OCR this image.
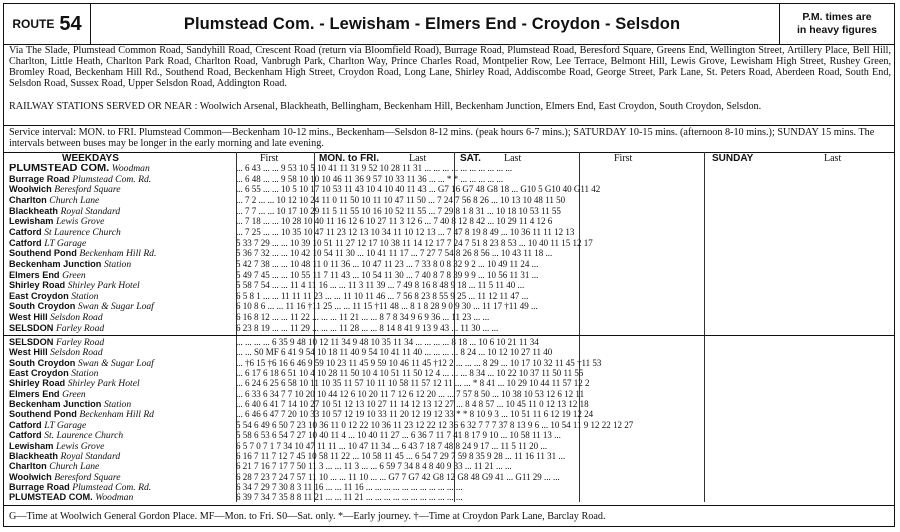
ROUTE 54	Plumstead Com. - Lewisham - Elmers End - Croydon - Selsdon	P.M. times are
in heavy figures
Via The Slade, Plumstead Common Road, Sandyhill Road, Crescent Road (return via Bloomfield Road), Burrage Road, Plumstead Road, Beresford Square, Greens End, Wellington Street, Artillery Place, Bell Hill, Charlton, Little Heath, Charlton Park Road, Charlton Road, Vanbrugh Park, Charlton Way, Prince Charles Road, Montpelier Row, Lee Terrace, Belmont Hill, Lewis Grove, Lewisham High Street, Rushey Green, Bromley Road, Beckenham Hill Rd., Southend Road, Beckenham High Street, Croydon Road, Long Lane, Shirley Road, Addiscombe Road, George Street, Park Lane, St. Peters Road, Aberdeen Road, South End, Selsdon Road, Sussex Road, Upper Selsdon Road, Addington Road.
RAILWAY STATIONS SERVED OR NEAR : Woolwich Arsenal, Blackheath, Bellingham, Beckenham Hill, Beckenham Junction, Elmers End, East Croydon, South Croydon, Selsdon.
Service interval: MON. to FRI. Plumstead Common—Beckenham 10-12 mins., Beckenham—Selsdon 8-12 mins. (peak hours 6-7 mins.); SATURDAY 10-15 mins. (afternoon 8-10 mins.); SUNDAY 15 mins. The intervals between buses may be longer in the early morning and late evening.
WEEKDAYS	First	MON. to FRI.	Last	SAT. Last	First	SUNDAY	Last
PLUMSTEAD COM. Woodman	... 6 43 ... ... 9 53 10 5 10 41 11 31 9 52 10 28 11 31 ... ... ... ... ... ... ... ... ... ...
Burrage Road Plumstead Com. Rd.	... 6 48 ... ... 9 58 10 10 10 46 11 36 9 57 10 33 11 36 ... ... * * ... ... ... ... ...
Woolwich Beresford Square	... 6 55 ... ... 10 5 10 17 10 53 11 43 10 4 10 40 11 43 ... G7 16 G7 48 G8 18 ... G10 5 G10 40 G11 42
Charlton Church Lane	... 7 2 ... ... 10 12 10 24 11 0 11 50 10 11 10 47 11 50 ... 7 24 7 56 8 26 ... 10 13 10 48 11 50
Blackheath Royal Standard	... 7 7 ... ... 10 17 10 29 11 5 11 55 10 16 10 52 11 55 ... 7 29 8 1 8 31 ... 10 18 10 53 11 55
Lewisham Lewis Grove	... 7 18 ... ... 10 28 10 40 11 16 12 6 10 27 11 3 12 6 ... 7 40 8 12 8 42 ... 10 29 11 4 12 6
Catford St Laurence Church	... 7 25 ... ... 10 35 10 47 11 23 12 13 10 34 11 10 12 13 ... 7 47 8 19 8 49 ... 10 36 11 11 12 13
Catford LT Garage	5 33 7 29 ... ... 10 39 10 51 11 27 12 17 10 38 11 14 12 17 7 24 7 51 8 23 8 53 ... 10 40 11 15 12 17
Southend Pond Beckenham Hill Rd.	5 36 7 32 ... ... 10 42 10 54 11 30 ... 10 41 11 17 ... 7 27 7 54 8 26 8 56 ... 10 43 11 18 ...
Beckenham Junction Station	5 42 7 38 ... ... 10 48 11 0 11 36 ... 10 47 11 23 ... 7 33 8 0 8 32 9 2 ... 10 49 11 24 ...
Elmers End Green	5 49 7 45 ... ... 10 55 11 7 11 43 ... 10 54 11 30 ... 7 40 8 7 8 39 9 9 ... 10 56 11 31 ...
Shirley Road Shirley Park Hotel	5 58 7 54 ... ... 11 4 11 16 ... ... 11 3 11 39 ... 7 49 8 16 8 48 9 18 ... 11 5 11 40 ...
East Croydon Station	6 5 8 1 ... ... 11 11 11 23 ... ... 11 10 11 46 ... 7 56 8 23 8 55 9 25 ... 11 12 11 47 ...
South Croydon Swan & Sugar Loaf	6 10 8 6 ... ... 11 16 †11 25 ... ... 11 15 †11 48 ... 8 1 8 28 9 0 9 30 ... 11 17 †11 49 ...
West Hill Selsdon Road	6 16 8 12 ... ... 11 22 ... ... ... 11 21 ... ... 8 7 8 34 9 6 9 36 ... 11 23 ... ...
SELSDON Farley Road	6 23 8 19 ... ... 11 29 ... ... ... 11 28 ... ... 8 14 8 41 9 13 9 43 ... 11 30 ... ...
SELSDON Farley Road	... ... ... ... 6 35 9 48 10 12 11 34 9 48 10 35 11 34 ... ... ... ... 8 18 ... 10 6 10 21 11 34
West Hill Selsdon Road	... ... S0 MF 6 41 9 54 10 18 11 40 9 54 10 41 11 40 ... ... ... ... 8 24 ... 10 12 10 27 11 40
South Croydon Swan & Sugar Loaf	... †6 15 †6 16 6 46 9 59 10 23 11 45 9 59 10 46 11 45 †12 2 ... ... ... 8 29 ... 10 17 10 32 11 45 †11 53
East Croydon Station	... 6 17 6 18 6 51 10 4 10 28 11 50 10 4 10 51 11 50 12 4 ... ... ... 8 34 ... 10 22 10 37 11 50 11 55
Shirley Road Shirley Park Hotel	... 6 24 6 25 6 58 10 11 10 35 11 57 10 11 10 58 11 57 12 11 ... ... * 8 41 ... 10 29 10 44 11 57 12 2
Elmers End Green	... 6 33 6 34 7 7 10 20 10 44 12 6 10 20 11 7 12 6 12 20 ... ... 7 57 8 50 ... 10 38 10 53 12 6 12 11
Beckenham Junction Station	... 6 40 6 41 7 14 10 27 10 51 12 13 10 27 11 14 12 13 12 27 ... 8 4 8 57 ... 10 45 11 0 12 13 12 18
Southend Pond Beckenham Hill Rd	... 6 46 6 47 7 20 10 33 10 57 12 19 10 33 11 20 12 19 12 33 * * 8 10 9 3 ... 10 51 11 6 12 19 12 24
Catford LT Garage	5 54 6 49 6 50 7 23 10 36 11 0 12 22 10 36 11 23 12 22 12 36 6 32 7 7 7 37 8 13 9 6 ... 10 54 11 9 12 22 12 27
Catford St. Laurence Church	5 58 6 53 6 54 7 27 10 40 11 4 ... 10 40 11 27 ... 6 36 7 11 7 41 8 17 9 10 ... 10 58 11 13 ...
Lewisham Lewis Grove	6 5 7 0 7 1 7 34 10 47 11 11 ... 10 47 11 34 ... 6 43 7 18 7 48 8 24 9 17 ... 11 5 11 20 ...
Blackheath Royal Standard	6 16 7 11 7 12 7 45 10 58 11 22 ... 10 58 11 45 ... 6 54 7 29 7 59 8 35 9 28 ... 11 16 11 31 ...
Charlton Church Lane	6 21 7 16 7 17 7 50 11 3 ... ... 11 3 ... ... 6 59 7 34 8 4 8 40 9 33 ... 11 21 ... ...
Woolwich Beresford Square	6 28 7 23 7 24 7 57 11 10 ... ... 11 10 ... ... G7 7 G7 42 G8 12 G8 48 G9 41 ... G11 29 ... ...
Burrage Road Plumstead Com. Rd.	6 34 7 29 7 30 8 3 11 16 ... ... 11 16 ... ... ... ... ... ... ... ... ... ... ...
PLUMSTEAD COM. Woodman	6 39 7 34 7 35 8 8 11 21 ... ... 11 21 ... ... ... ... ... ... ... ... ... ... ...
G—Time at Woolwich General Gordon Place. MF—Mon. to Fri. S0—Sat. only. *—Early journey. †—Time at Croydon Park Lane, Barclay Road.
